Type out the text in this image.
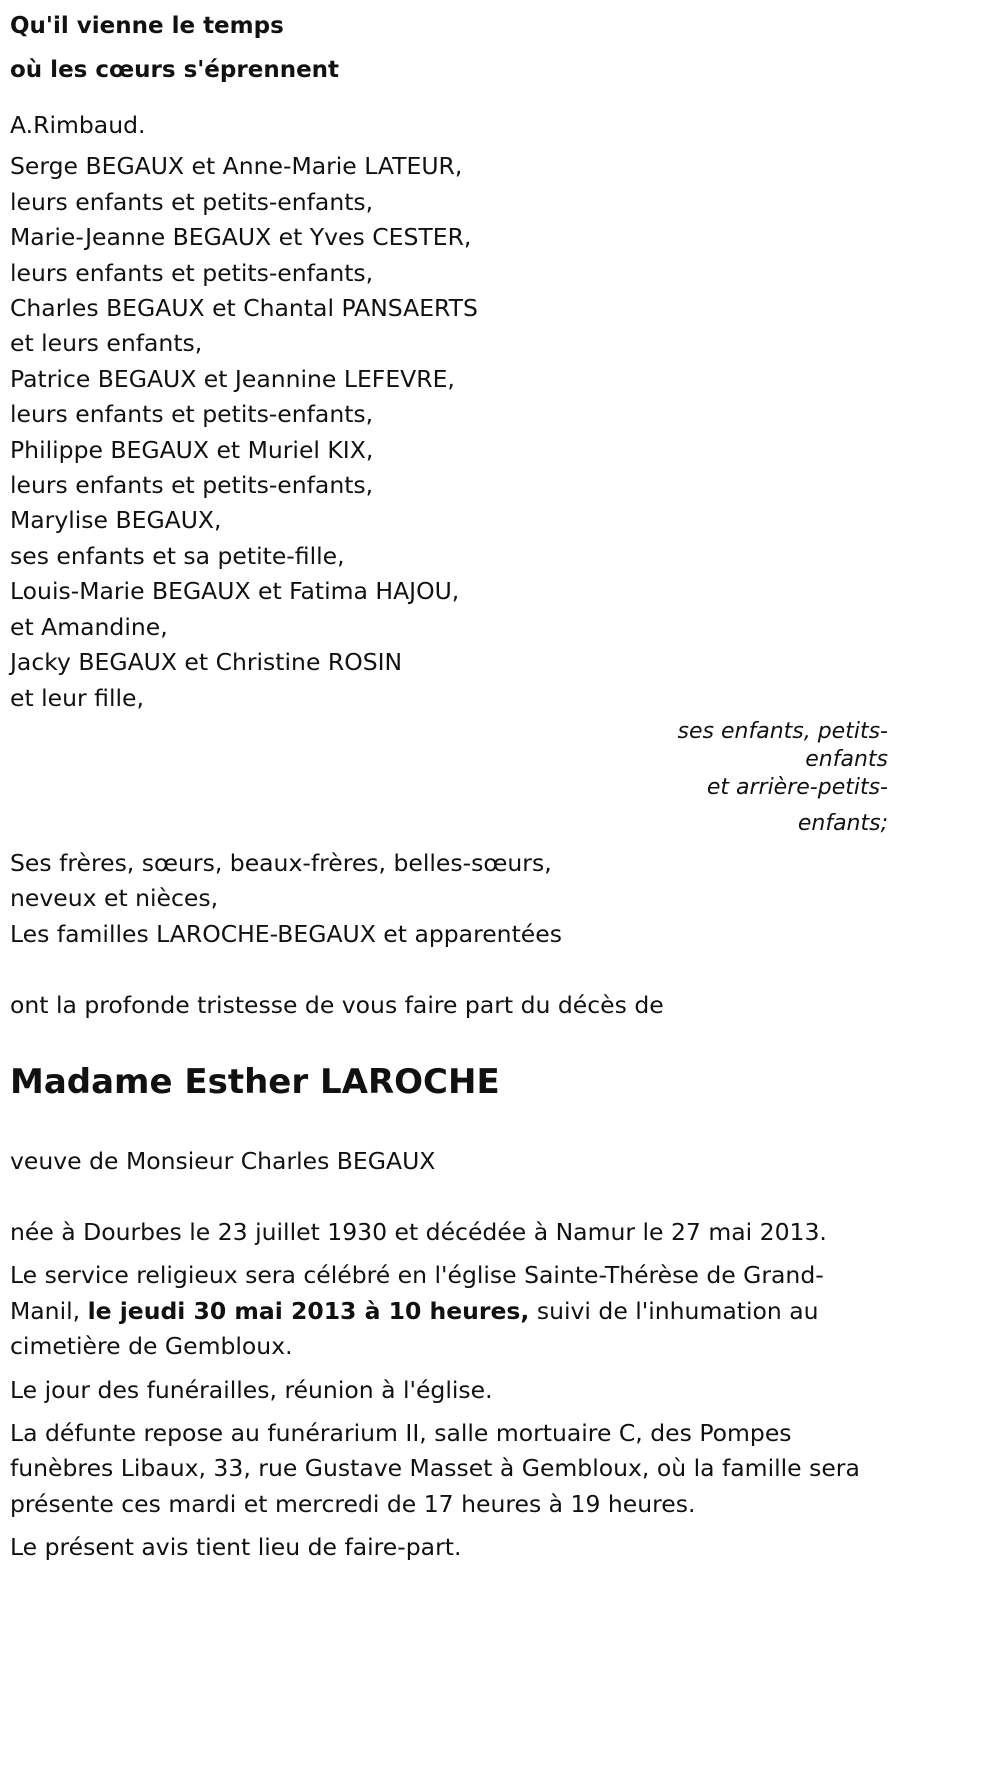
Qu'il vienne le temps

où les cœurs s'éprennent

A.Rimbaud.

Serge BEGAUX et Anne-Marie LATEUR,

leurs enfants et petits-enfants,

Marie-Jeanne BEGAUX et Yves CESTER,

leurs enfants et petits-enfants,

Charles BEGAUX et Chantal PANSAERTS

et leurs enfants,

Patrice BEGAUX et Jeannine LEFEVRE,

leurs enfants et petits-enfants,

Philippe BEGAUX et Muriel KIX,

leurs enfants et petits-enfants,

Marylise BEGAUX,

ses enfants et sa petite-fille,

Louis-Marie BEGAUX et Fatima HAJOU,

et Amandine,

Jacky BEGAUX et Christine ROSIN

et leur fille,

ses enfants, petits-
enfants
et arrière-petits-
enfants;

Ses frères, sœurs, beaux-frères, belles-sœurs,

neveux et nièces,

Les familles LAROCHE-BEGAUX et apparentées

ont la profonde tristesse de vous faire part du décès de

Madame Esther LAROCHE

veuve de Monsieur Charles BEGAUX

née à Dourbes le 23 juillet 1930 et décédée à Namur le 27 mai 2013.

Le service religieux sera célébré en l'église Sainte-Thérèse de Grand-Manil, le jeudi 30 mai 2013 à 10 heures, suivi de l'inhumation au cimetière de Gembloux.

Le jour des funérailles, réunion à l'église.

La défunte repose au funérarium II, salle mortuaire C, des Pompes funèbres Libaux, 33, rue Gustave Masset à Gembloux, où la famille sera présente ces mardi et mercredi de 17 heures à 19 heures.

Le présent avis tient lieu de faire-part.
